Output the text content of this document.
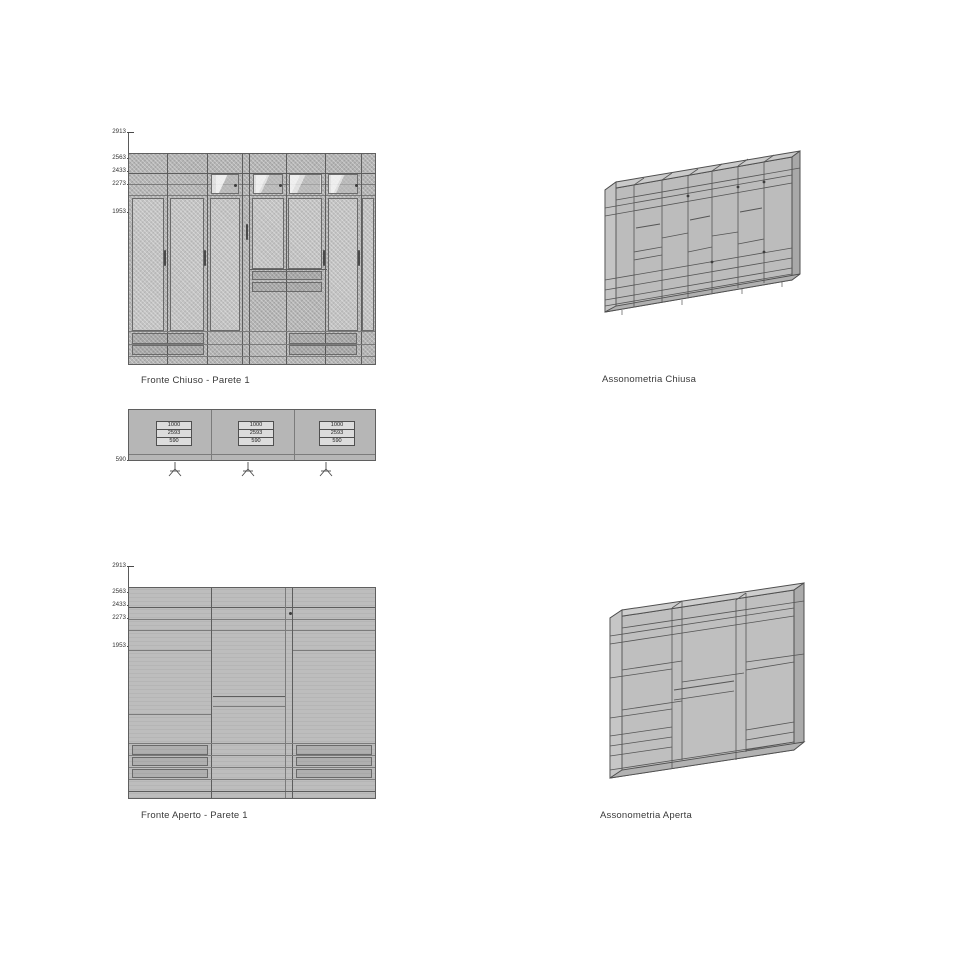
2913
2563
2433
2273
1953
Fronte Chiuso - Parete 1	Assonometria Chiusa
590
1000
2593
590
1000
2593
590
1000
2593
590
2913
2563
2433
2273
1953
Fronte Aperto - Parete 1	Assonometria Aperta
